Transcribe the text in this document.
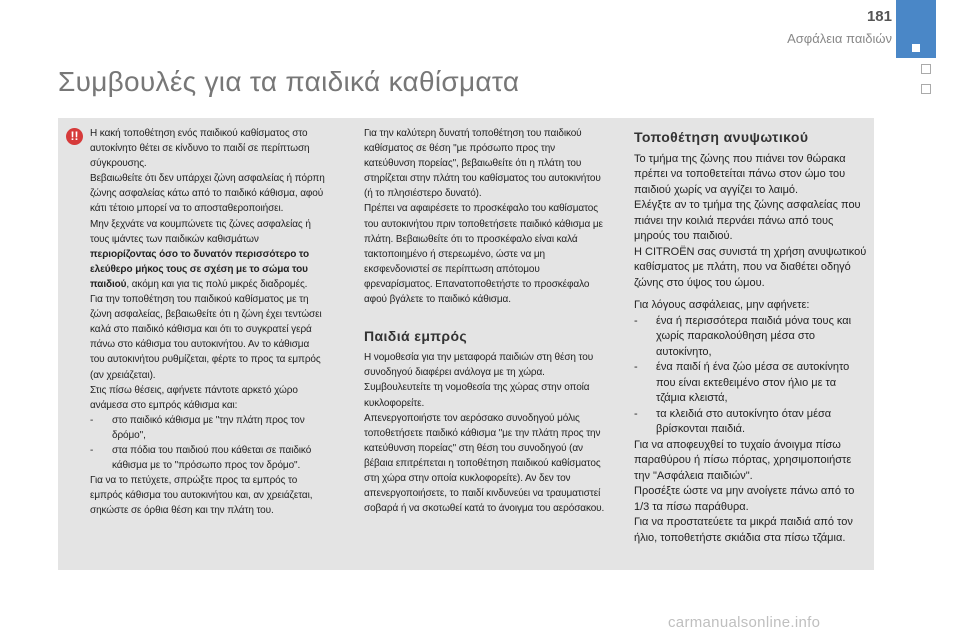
181
Ασφάλεια παιδιών
Συμβουλές για τα παιδικά καθίσματα
!!	Η κακή τοποθέτηση ενός παιδικού καθίσματος στο αυτοκίνητο θέτει σε κίνδυνο το παιδί σε περίπτωση σύγκρουσης.
Βεβαιωθείτε ότι δεν υπάρχει ζώνη ασφαλείας ή πόρπη ζώνης ασφαλείας κάτω από το παιδικό κάθισμα, αφού κάτι τέτοιο μπορεί να το αποσταθεροποιήσει.
Μην ξεχνάτε να κουμπώνετε τις ζώνες ασφαλείας ή τους ιμάντες των παιδικών καθισμάτων περιορίζοντας όσο το δυνατόν περισσότερο το ελεύθερο μήκος τους σε σχέση με το σώμα του παιδιού, ακόμη και για τις πολύ μικρές διαδρομές.
Για την τοποθέτηση του παιδικού καθίσματος με τη ζώνη ασφαλείας, βεβαιωθείτε ότι η ζώνη έχει τεντώσει καλά στο παιδικό κάθισμα και ότι το συγκρατεί γερά πάνω στο κάθισμα του αυτοκινήτου. Αν το κάθισμα του αυτοκινήτου ρυθμίζεται, φέρτε το προς τα εμπρός (αν χρειάζεται).
Στις πίσω θέσεις, αφήνετε πάντοτε αρκετό χώρο ανάμεσα στο εμπρός κάθισμα και:
- στο παιδικό κάθισμα με "την πλάτη προς τον δρόμο",
- στα πόδια του παιδιού που κάθεται σε παιδικό κάθισμα με το "πρόσωπο προς τον δρόμο".
Για να το πετύχετε, σπρώξτε προς τα εμπρός το εμπρός κάθισμα του αυτοκινήτου και, αν χρειάζεται, σηκώστε σε όρθια θέση και την πλάτη του.
Για την καλύτερη δυνατή τοποθέτηση του παιδικού καθίσματος σε θέση "με πρόσωπο προς την κατεύθυνση πορείας", βεβαιωθείτε ότι η πλάτη του στηρίζεται στην πλάτη του καθίσματος του αυτοκινήτου (ή το πλησιέστερο δυνατό).
Πρέπει να αφαιρέσετε το προσκέφαλο του καθίσματος του αυτοκινήτου πριν τοποθετήσετε παιδικό κάθισμα με πλάτη. Βεβαιωθείτε ότι το προσκέφαλο είναι καλά τακτοποιημένο ή στερεωμένο, ώστε να μη εκσφενδονιστεί σε περίπτωση απότομου φρεναρίσματος. Επανατοποθετήστε το προσκέφαλο αφού βγάλετε το παιδικό κάθισμα.
Παιδιά εμπρός
Η νομοθεσία για την μεταφορά παιδιών στη θέση του συνοδηγού διαφέρει ανάλογα με τη χώρα. Συμβουλευτείτε τη νομοθεσία της χώρας στην οποία κυκλοφορείτε.
Απενεργοποιήστε τον αερόσακο συνοδηγού μόλις τοποθετήσετε παιδικό κάθισμα "με την πλάτη προς την κατεύθυνση πορείας" στη θέση του συνοδηγού (αν βέβαια επιτρέπεται η τοποθέτηση παιδικού καθίσματος στη χώρα στην οποία κυκλοφορείτε). Αν δεν τον απενεργοποιήσετε, το παιδί κινδυνεύει να τραυματιστεί σοβαρά ή να σκοτωθεί κατά το άνοιγμα του αερόσακου.
Τοποθέτηση ανυψωτικού
Το τμήμα της ζώνης που πιάνει τον θώρακα πρέπει να τοποθετείται πάνω στον ώμο του παιδιού χωρίς να αγγίζει το λαιμό.
Ελέγξτε αν το τμήμα της ζώνης ασφαλείας που πιάνει την κοιλιά περνάει πάνω από τους μηρούς του παιδιού.
Η CITROËN σας συνιστά τη χρήση ανυψωτικού καθίσματος με πλάτη, που να διαθέτει οδηγό ζώνης στο ύψος του ώμου.
Για λόγους ασφάλειας, μην αφήνετε:
- ένα ή περισσότερα παιδιά μόνα τους και χωρίς παρακολούθηση μέσα στο αυτοκίνητο,
- ένα παιδί ή ένα ζώο μέσα σε αυτοκίνητο που είναι εκτεθειμένο στον ήλιο με τα τζάμια κλειστά,
- τα κλειδιά στο αυτοκίνητο όταν μέσα βρίσκονται παιδιά.
Για να αποφευχθεί το τυχαίο άνοιγμα πίσω παραθύρου ή πίσω πόρτας, χρησιμοποιήστε την "Ασφάλεια παιδιών".
Προσέξτε ώστε να μην ανοίγετε πάνω από το 1/3 τα πίσω παράθυρα.
Για να προστατεύετε τα μικρά παιδιά από τον ήλιο, τοποθετήστε σκιάδια στα πίσω τζάμια.
carmanualsonline.info
